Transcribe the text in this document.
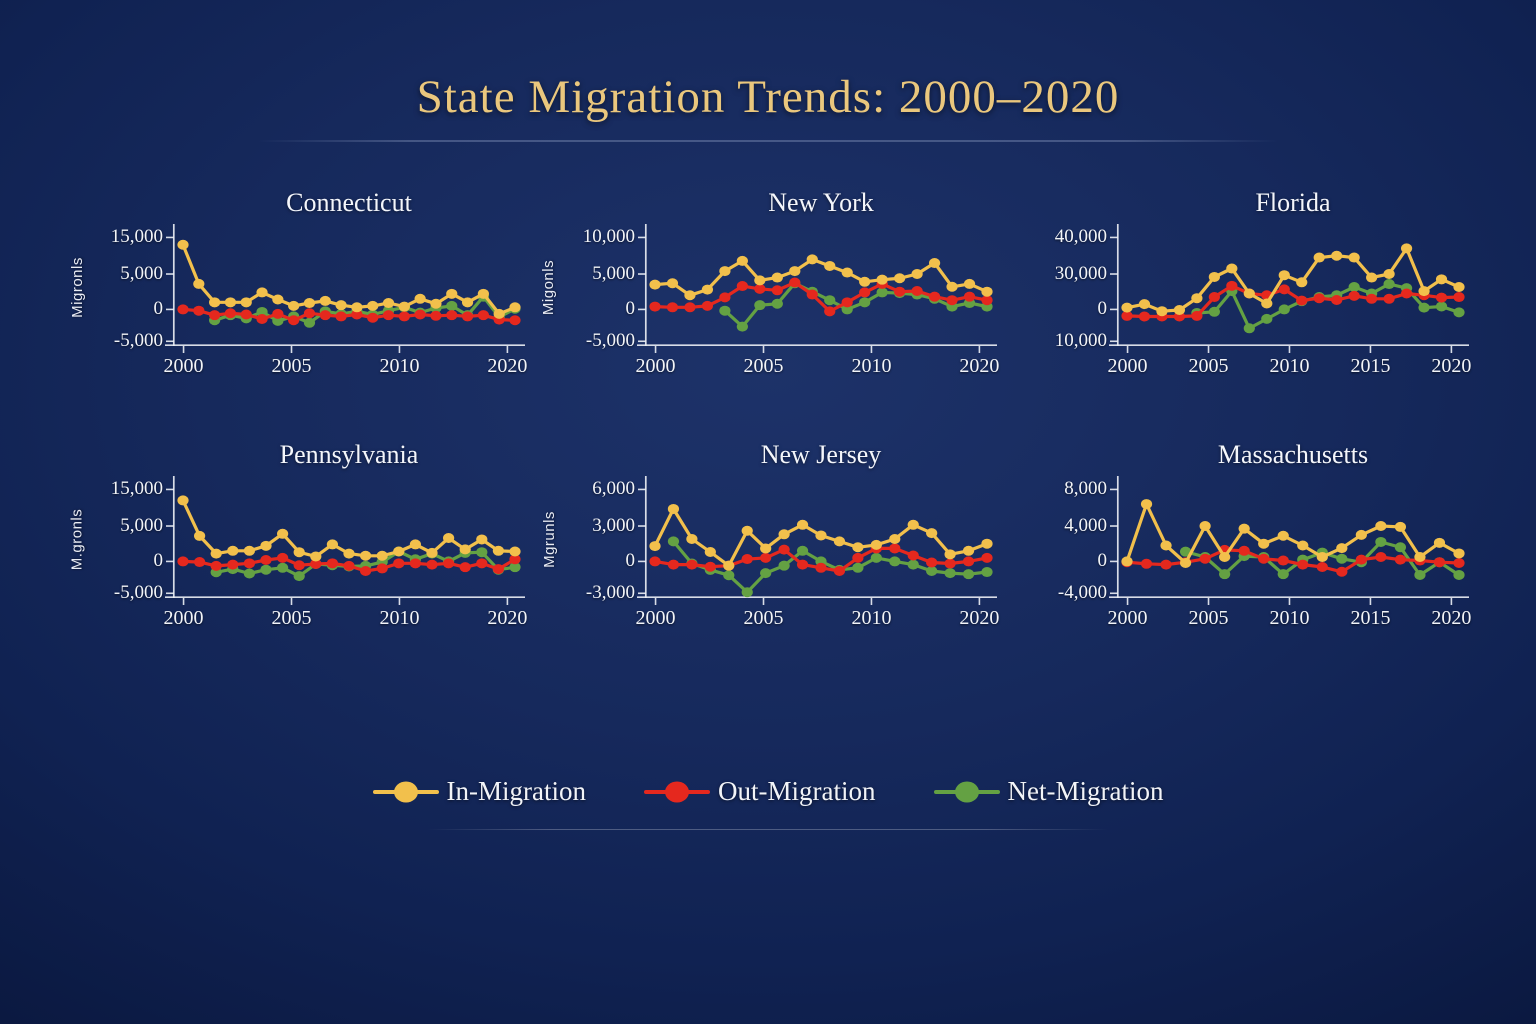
State Migration Trends: 2000–2020
Connecticut
Migronls
15,000
5,000
0
-5,000
2000	2005	2010	2020
New York
Migonls
10,000
5,000
0
-5,000
2000	2005	2010	2020
Florida
40,000
30,000
0
10,000
2000 2005 2010 2015 2020
Pennsylvania
M.gronls
15,000
5,000
0
-5,000
2000	2005	2010	2020
New Jersey
Mgrunls
6,000
3,000
0
-3,000
2000	2005	2010	2020
Massachusetts
8,000
4,000
0
-4,000
2000 2005 2010 2015 2020
In-Migration	Out-Migration	Net-Migration
